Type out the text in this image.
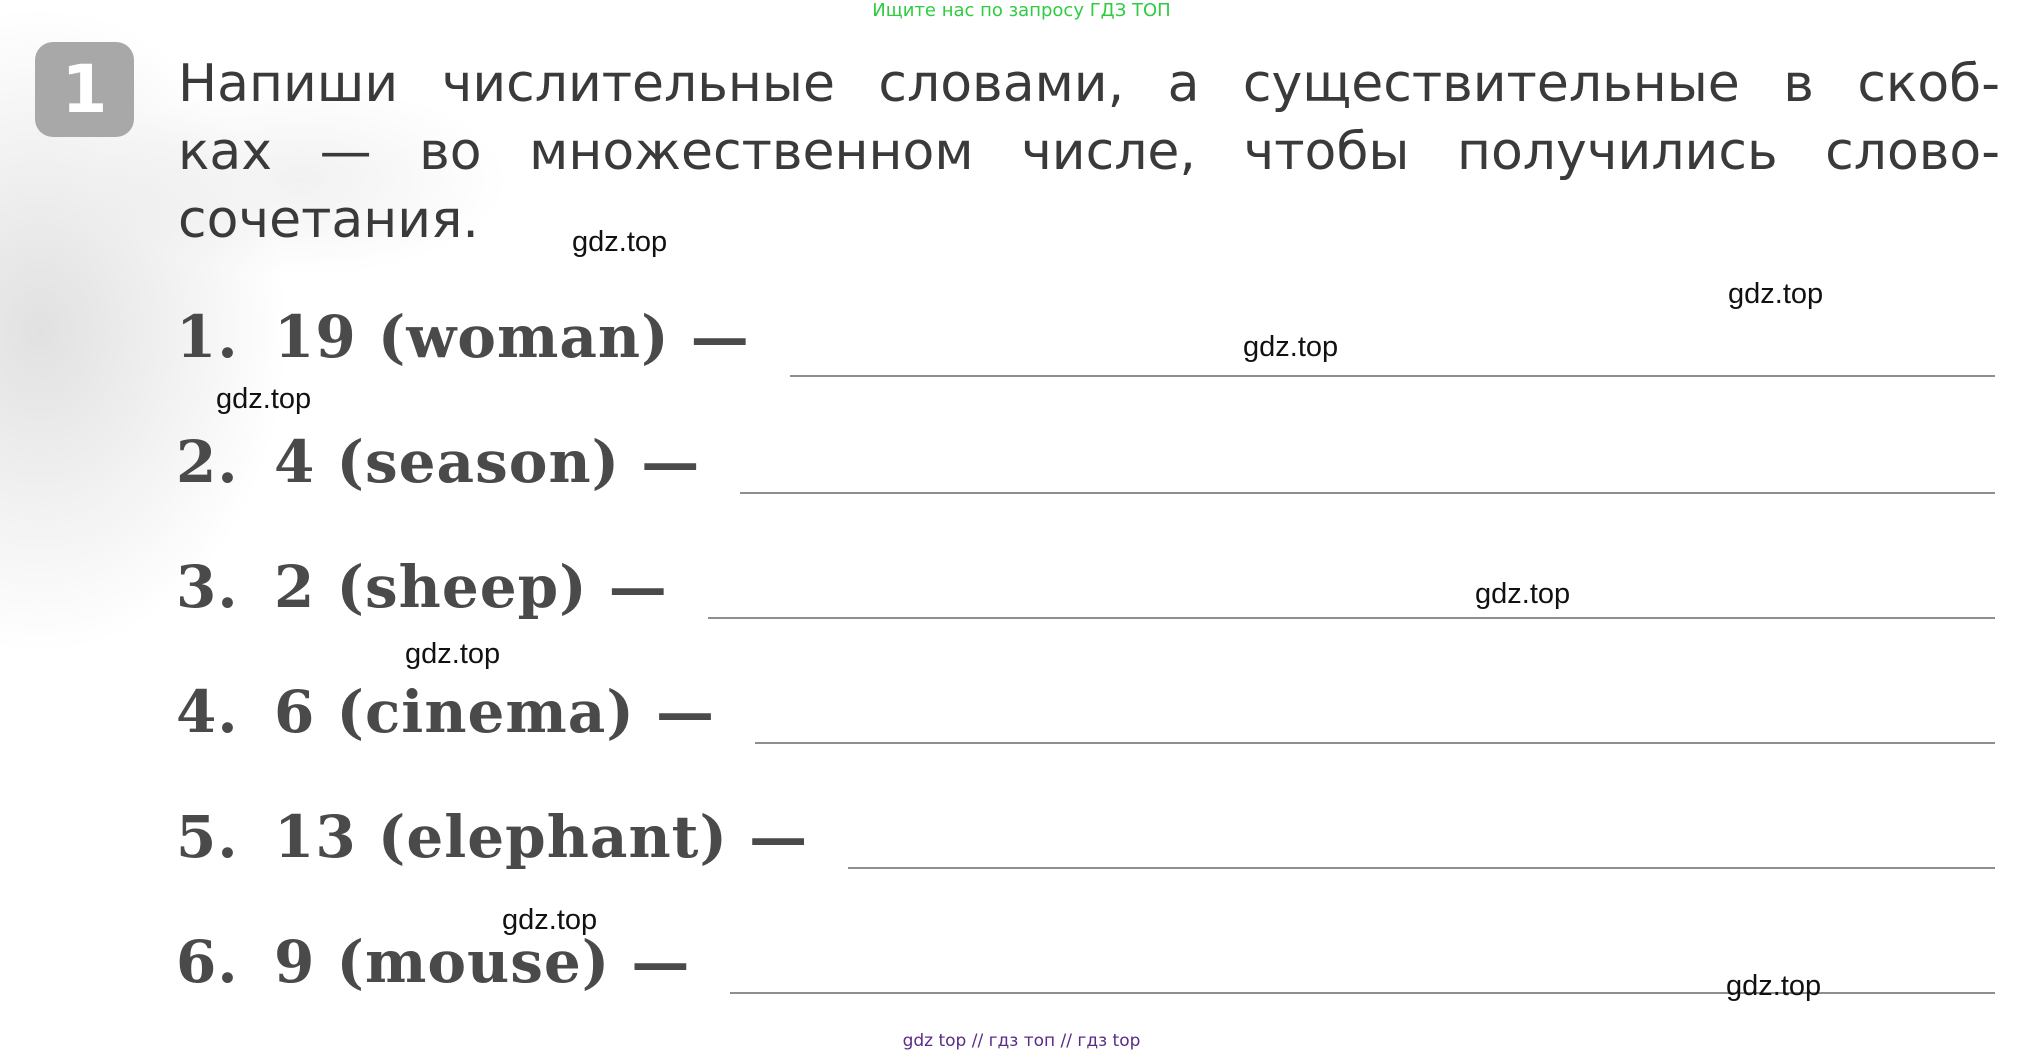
Ищите нас по запросу ГДЗ ТОП
1 Напиши числительные словами, а существительные в скоб-
ках — во множественном числе, чтобы получились слово-
сочетания.
1. 19 (woman) —
2. 4 (season) —
3. 2 (sheep) —
4. 6 (cinema) —
5. 13 (elephant) —
6. 9 (mouse) —
gdz.top
gdz.top
gdz.top
gdz.top
gdz.top
gdz.top
gdz.top
gdz.top
gdz top // гдз топ // гдз top
